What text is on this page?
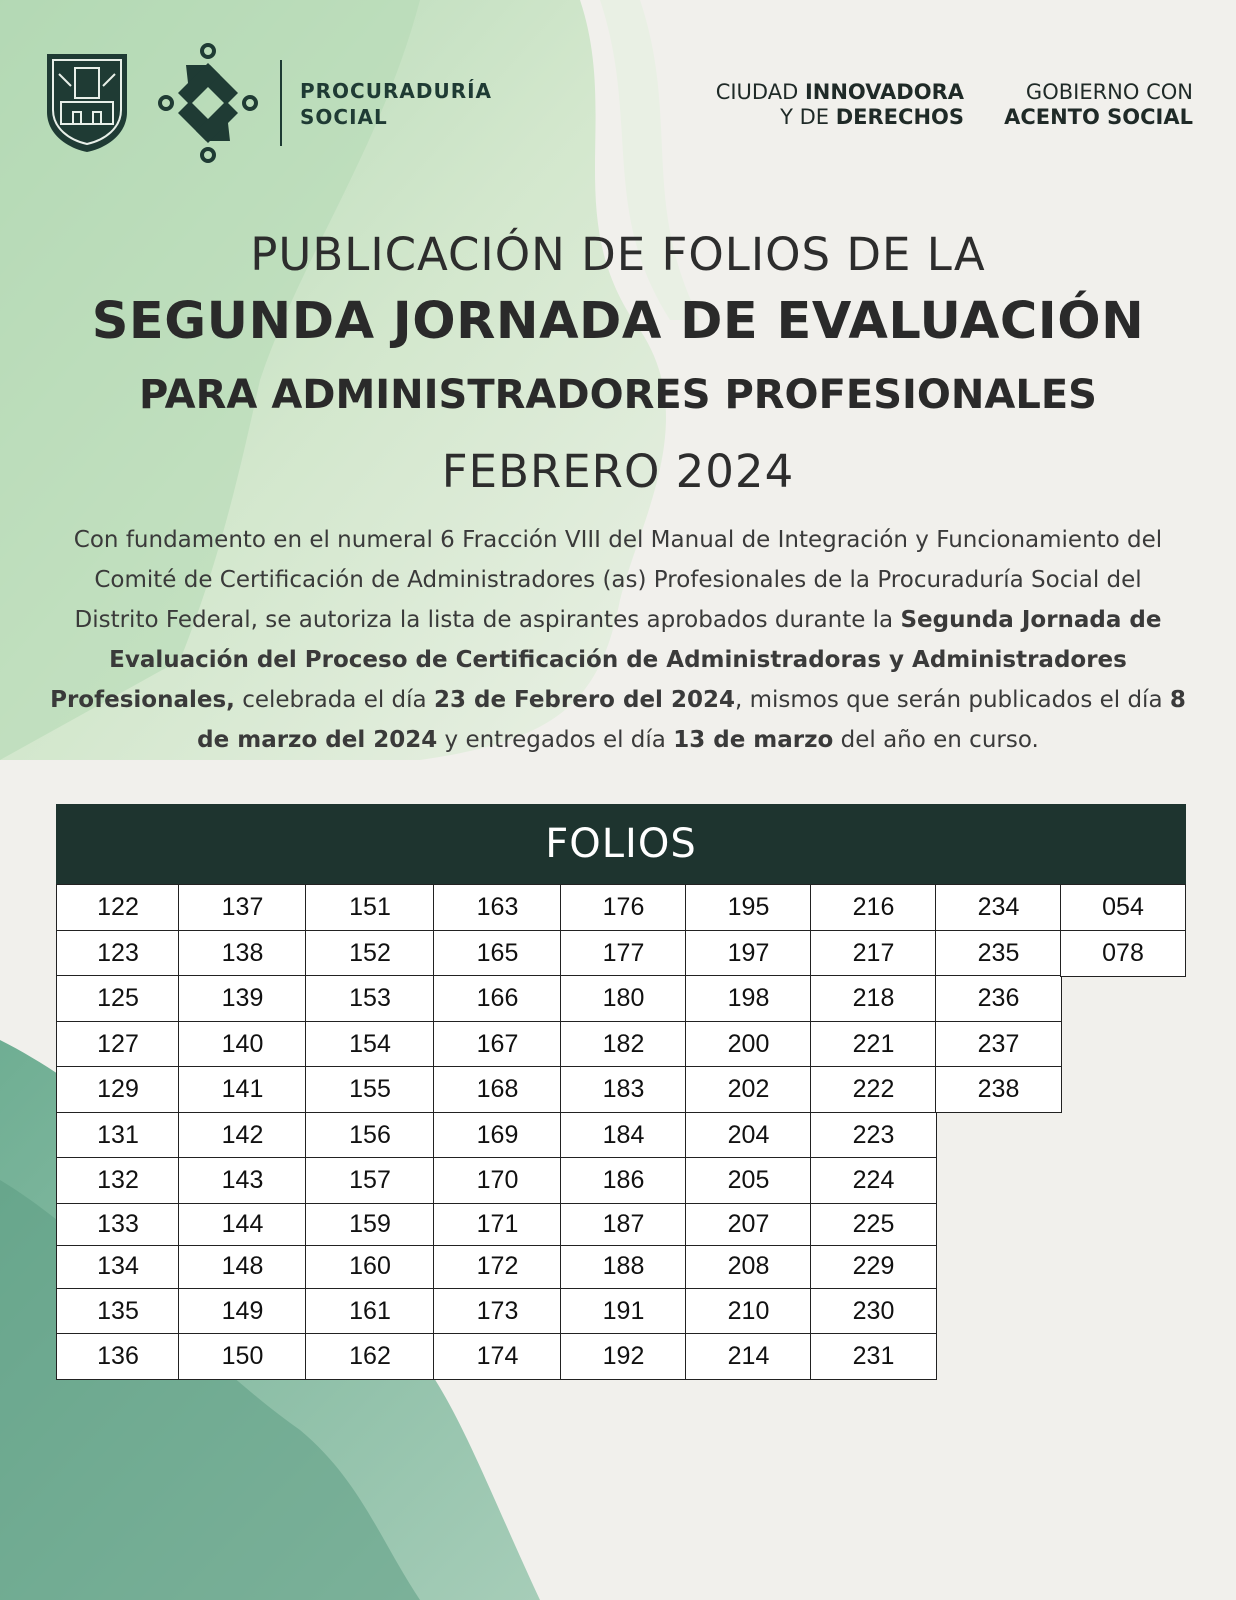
PROCURADURÍA
SOCIAL
CIUDAD INNOVADORA
Y DE DERECHOS
GOBIERNO CON
ACENTO SOCIAL
PUBLICACIÓN DE FOLIOS DE LA
SEGUNDA JORNADA DE EVALUACIÓN
PARA ADMINISTRADORES PROFESIONALES
FEBRERO 2024
Con fundamento en el numeral 6 Fracción VIII del Manual de Integración y Funcionamiento del Comité de Certificación de Administradores (as) Profesionales de la Procuraduría Social del Distrito Federal, se autoriza la lista de aspirantes aprobados durante la Segunda Jornada de Evaluación del Proceso de Certificación de Administradoras y Administradores Profesionales, celebrada el día 23 de Febrero del 2024, mismos que serán publicados el día 8 de marzo del 2024 y entregados el día 13 de marzo del año en curso.
FOLIOS
122
123
125
127
129
131
132
133
134
135
136
137
138
139
140
141
142
143
144
148
149
150
151
152
153
154
155
156
157
159
160
161
162
163
165
166
167
168
169
170
171
172
173
174
176
177
180
182
183
184
186
187
188
191
192
195
197
198
200
202
204
205
207
208
210
214
216
217
218
221
222
223
224
225
229
230
231
234
235
236
237
238
054
078
